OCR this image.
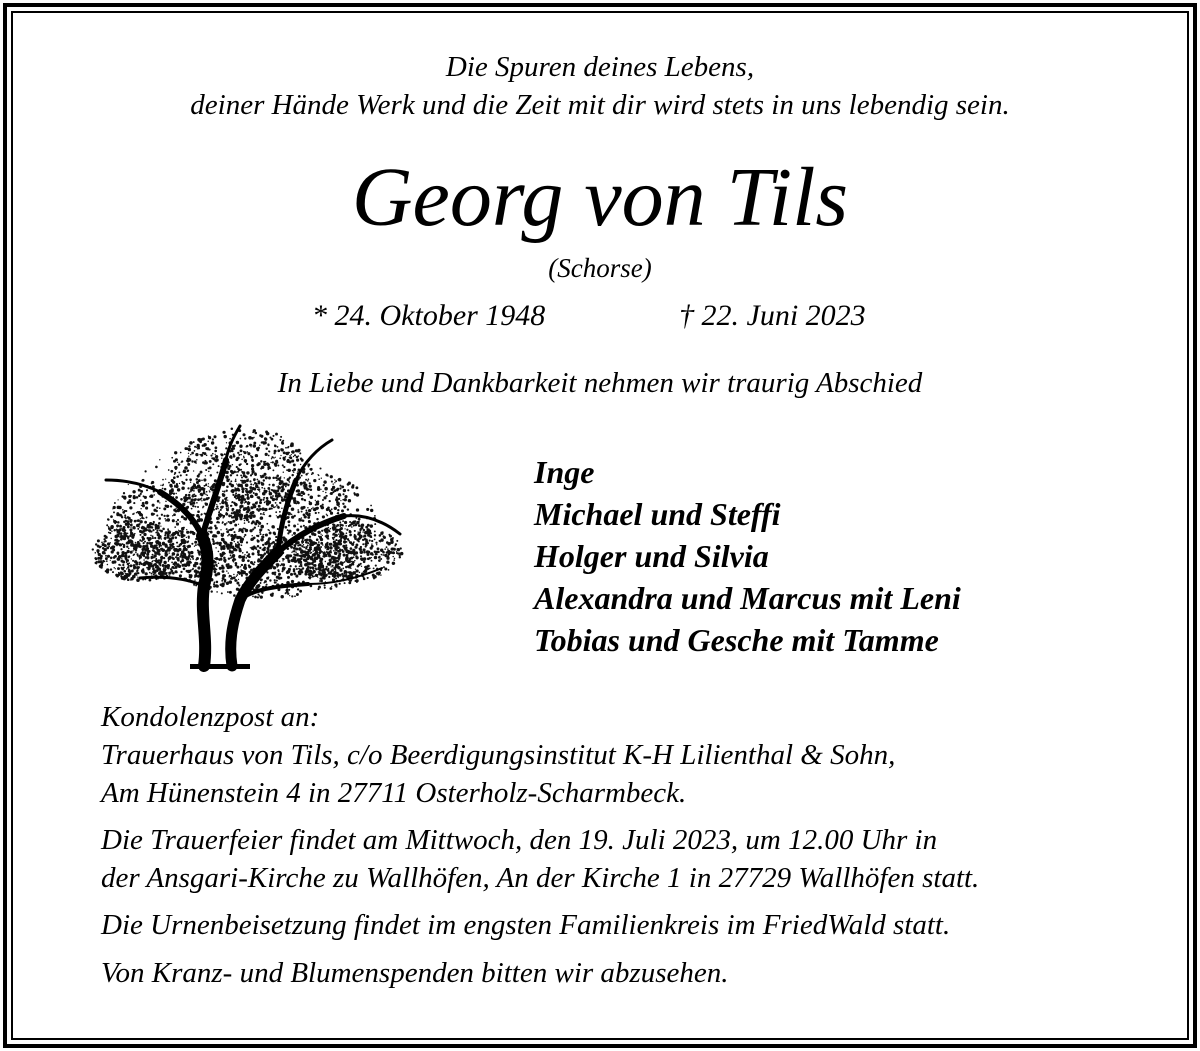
Die Spuren deines Lebens,
deiner Hände Werk und die Zeit mit dir wird stets in uns lebendig sein.
Georg von Tils
(Schorse)
* 24. Oktober 1948	† 22. Juni 2023
In Liebe und Dankbarkeit nehmen wir traurig Abschied
Inge
Michael und Steffi
Holger und Silvia
Alexandra und Marcus mit Leni
Tobias und Gesche mit Tamme
Kondolenzpost an:
Trauerhaus von Tils, c/o Beerdigungsinstitut K-H Lilienthal & Sohn,
Am Hünenstein 4 in 27711 Osterholz-Scharmbeck.
Die Trauerfeier findet am Mittwoch, den 19. Juli 2023, um 12.00 Uhr in
der Ansgari-Kirche zu Wallhöfen, An der Kirche 1 in 27729 Wallhöfen statt.
Die Urnenbeisetzung findet im engsten Familienkreis im FriedWald statt.
Von Kranz- und Blumenspenden bitten wir abzusehen.
